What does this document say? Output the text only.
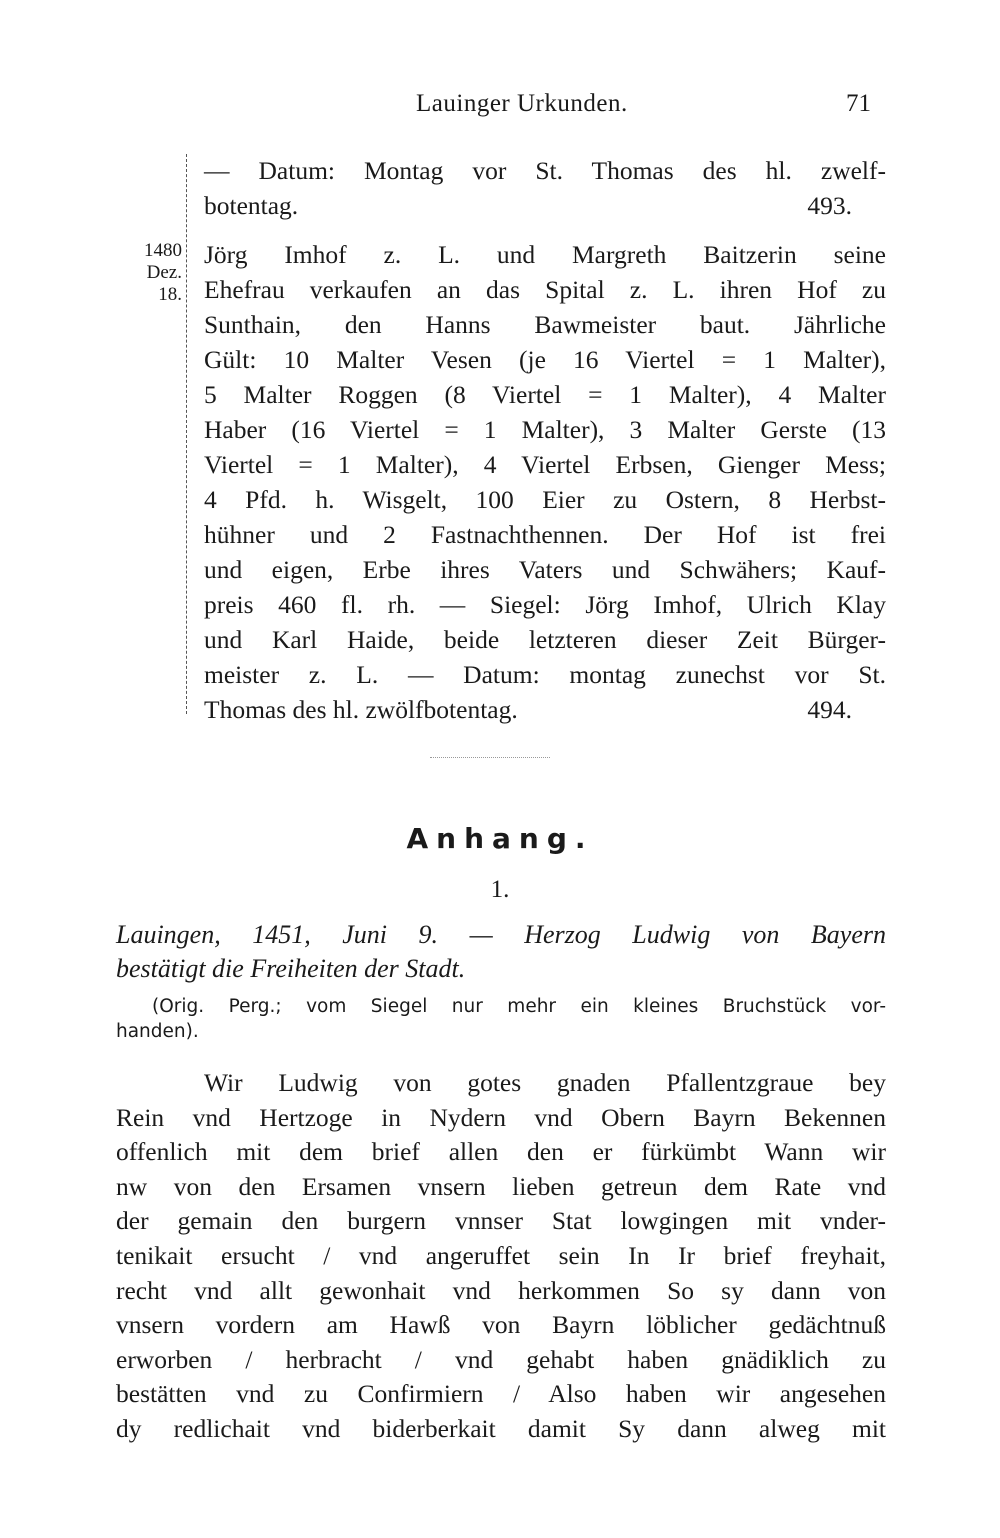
Lauinger Urkunden.	71
— Datum: Montag vor St. Thomas des hl. zwelf-
botentag.	493.
1480
Dez.
18.
Jörg Imhof z. L. und Margreth Baitzerin seine
Ehefrau verkaufen an das Spital z. L. ihren Hof zu
Sunthain, den Hanns Bawmeister baut. Jährliche
Gült: 10 Malter Vesen (je 16 Viertel = 1 Malter),
5 Malter Roggen (8 Viertel = 1 Malter), 4 Malter
Haber (16 Viertel = 1 Malter), 3 Malter Gerste (13
Viertel = 1 Malter), 4 Viertel Erbsen, Gienger Mess;
4 Pfd. h. Wisgelt, 100 Eier zu Ostern, 8 Herbst-
hühner und 2 Fastnachthennen. Der Hof ist frei
und eigen, Erbe ihres Vaters und Schwähers; Kauf-
preis 460 fl. rh. — Siegel: Jörg Imhof, Ulrich Klay
und Karl Haide, beide letzteren dieser Zeit Bürger-
meister z. L. — Datum: montag zunechst vor St.
Thomas des hl. zwölfbotentag.	494.
Anhang.
1.
Lauingen, 1451, Juni 9. — Herzog Ludwig von Bayern
bestätigt die Freiheiten der Stadt.
(Orig. Perg.; vom Siegel nur mehr ein kleines Bruchstück vor-
handen).
Wir Ludwig von gotes gnaden Pfallentzgraue bey
Rein vnd Hertzoge in Nydern vnd Obern Bayrn Bekennen
offenlich mit dem brief allen den er fürkümbt Wann wir
nw von den Ersamen vnsern lieben getreun dem Rate vnd
der gemain den burgern vnnser Stat lowgingen mit vnder-
tenikait ersucht / vnd angeruffet sein In Ir brief freyhait,
recht vnd allt gewonhait vnd herkommen So sy dann von
vnsern vordern am Hawß von Bayrn löblicher gedächtnuß
erworben / herbracht / vnd gehabt haben gnädiklich zu
bestätten vnd zu Confirmiern / Also haben wir angesehen
dy redlichait vnd biderberkait damit Sy dann alweg mit
